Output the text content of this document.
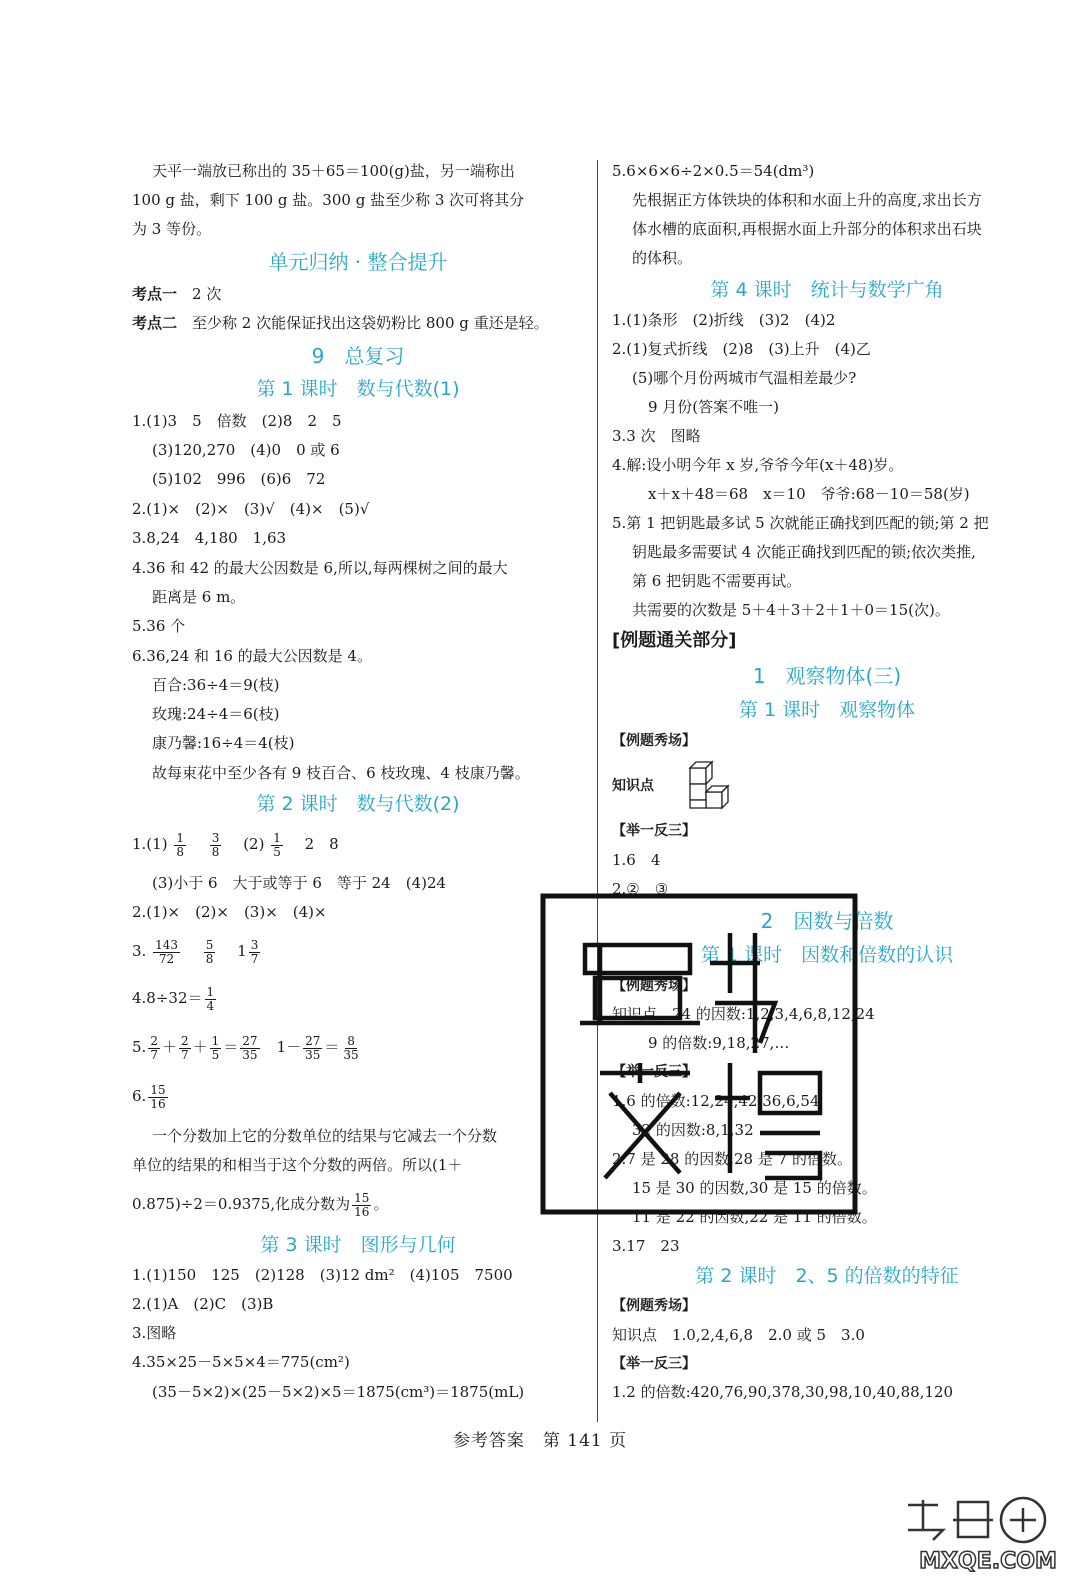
天平一端放已称出的 35＋65＝100(g)盐，另一端称出
100 g 盐，剩下 100 g 盐。300 g 盐至少称 3 次可将其分
为 3 等份。
单元归纳 · 整合提升
考点一　 2 次
考点二　 至少称 2 次能保证找出这袋奶粉比 800 g 重还是轻。
9　总复习
第 1 课时　数与代数(1)
1.(1)3　5　倍数　(2)8　2　5
(3)120,270　(4)0　0 或 6
(5)102　996　(6)6　72
2.(1)×　(2)×　(3)√　(4)×　(5)√
3.8,24　4,180　1,63
4.36 和 42 的最大公因数是 6,所以,每两棵树之间的最大
距离是 6 m。
5.36 个
6.36,24 和 16 的最大公因数是 4。
百合:36÷4＝9(枝)
玫瑰:24÷4＝6(枝)
康乃馨:16÷4＝4(枝)
故每束花中至少各有 9 枝百合、6 枝玫瑰、4 枝康乃馨。
第 2 课时　数与代数(2)
$1.(1) \frac{1}{8}$
　 $\frac{3}{8}$
　 $(2) \frac{1}{5}$
　 2　8
(3)小于 6　大于或等于 6　等于 24　(4)24
2.(1)×　(2)×　(3)×　(4)×
3. $\frac{143}{72}$
　 $\frac{5}{8}$
　 $1 \frac{3}{7}$
$4.8\div 32= \frac{1}{4}$
5. $\frac{2}{7} + \frac{2}{7} + \frac{1}{5} = \frac{27}{35}$
　 $1- \frac{27}{35} = \frac{8}{35}$
6. $\frac{15}{16}$
一个分数加上它的分数单位的结果与它减去一个分数
单位的结果的和相当于这个分数的两倍。所以(1＋
0.875)÷2＝0.9375,化成分数为 $\frac{15}{16}$ 。
第 3 课时　图形与几何
1.(1)150　125　(2)128　(3)12 dm²　(4)105　7500
2.(1)A　(2)C　(3)B
3.图略
4.35×25－5×5×4＝775(cm²)
(35－5×2)×(25－5×2)×5＝1875(cm³)＝1875(mL)
5.6×6×6÷2×0.5＝54(dm³)
先根据正方体铁块的体积和水面上升的高度,求出长方
体水槽的底面积,再根据水面上升部分的体积求出石块
的体积。
第 4 课时　统计与数学广角
1.(1)条形　(2)折线　(3)2　(4)2
2.(1)复式折线　(2)8　(3)上升　(4)乙
(5)哪个月份两城市气温相差最少?
9 月份(答案不唯一)
3.3 次　图略
4.解:设小明今年 x 岁,爷爷今年(x＋48)岁。
x＋x＋48＝68　x＝10　爷爷:68－10＝58(岁)
5.第 1 把钥匙最多试 5 次就能正确找到匹配的锁;第 2 把
钥匙最多需要试 4 次能正确找到匹配的锁;依次类推,
第 6 把钥匙不需要再试。
共需要的次数是 5＋4＋3＋2＋1＋0＝15(次)。
[例题通关部分]
1　观察物体(三)
第 1 课时　观察物体
【例题秀场】
知识点
【举一反三】
1.6　4
2.②　③
2　因数与倍数
第 1 课时　因数和倍数的认识
【例题秀场】
知识点　24 的因数:1,2,3,4,6,8,12,24
9 的倍数:9,18,27,…
【举一反三】
1.6 的倍数:12,24,42,36,6,54
32 的因数:8,1,32
2.7 是 28 的因数,28 是 7 的倍数。
15 是 30 的因数,30 是 15 的倍数。
11 是 22 的因数,22 是 11 的倍数。
3.17　23
第 2 课时　2、5 的倍数的特征
【例题秀场】
知识点　1.0,2,4,6,8　2.0 或 5　3.0
【举一反三】
1.2 的倍数:420,76,90,378,30,98,10,40,88,120
MXQE.COM
参考答案　第 141 页
